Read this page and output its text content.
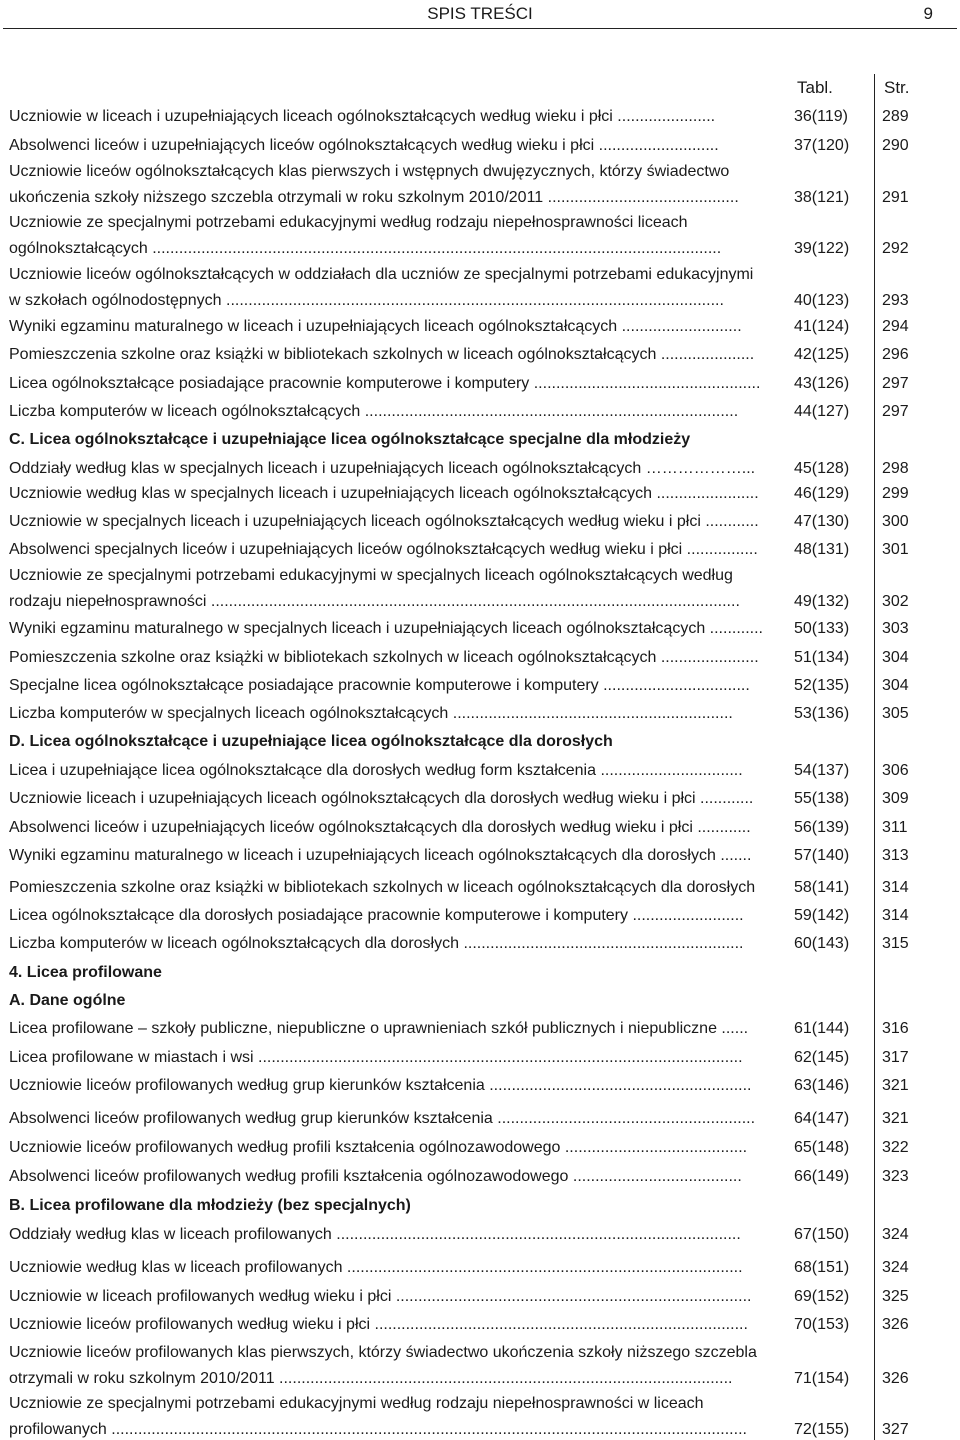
SPIS TREŚCI	9
Tabl.	Str.
Uczniowie w liceach i uzupełniających liceach ogólnokształcących według wieku i płci ......................	36(119) 289
Absolwenci liceów i uzupełniających liceów ogólnokształcących według wieku i płci ...........................	37(120) 290
Uczniowie liceów ogólnokształcących klas pierwszych i wstępnych dwujęzycznych, którzy świadectwo
ukończenia szkoły niższego szczebla otrzymali w roku szkolnym 2010/2011 ...........................................	38(121) 291
Uczniowie ze specjalnymi potrzebami edukacyjnymi według rodzaju niepełnosprawności liceach
ogólnokształcących ................................................................................................................................	39(122) 292
Uczniowie liceów ogólnokształcących w oddziałach dla uczniów ze specjalnymi potrzebami edukacyjnymi
w szkołach ogólnodostępnych ................................................................................................................	40(123) 293
Wyniki egzaminu maturalnego w liceach i uzupełniających liceach ogólnokształcących ...........................	41(124) 294
Pomieszczenia szkolne oraz książki w bibliotekach szkolnych w liceach ogólnokształcących ..................... 42(125) 296
Licea ogólnokształcące posiadające pracownie komputerowe i komputery ................................................... 43(126) 297
Liczba komputerów w liceach ogólnokształcących ....................................................................................	44(127) 297
C. Licea ogólnokształcące i uzupełniające licea ogólnokształcące specjalne dla młodzieży
Oddziały według klas w specjalnych liceach i uzupełniających liceach ogólnokształcących ………………... 45(128) 298
Uczniowie według klas w specjalnych liceach i uzupełniających liceach ogólnokształcących ....................... 46(129) 299
Uczniowie w specjalnych liceach i uzupełniających liceach ogólnokształcących według wieku i płci ............ 47(130) 300
Absolwenci specjalnych liceów i uzupełniających liceów ogólnokształcących według wieku i płci ................ 48(131) 301
Uczniowie ze specjalnymi potrzebami edukacyjnymi w specjalnych liceach ogólnokształcących według
rodzaju niepełnosprawności .......................................................................................................................	49(132) 302
Wyniki egzaminu maturalnego w specjalnych liceach i uzupełniających liceach ogólnokształcących ............ 50(133) 303
Pomieszczenia szkolne oraz książki w bibliotekach szkolnych w liceach ogólnokształcących ...................... 51(134) 304
Specjalne licea ogólnokształcące posiadające pracownie komputerowe i komputery .................................	52(135) 304
Liczba komputerów w specjalnych liceach ogólnokształcących ...............................................................	53(136) 305
D. Licea ogólnokształcące i uzupełniające licea ogólnokształcące dla dorosłych
Licea i uzupełniające licea ogólnokształcące dla dorosłych według form kształcenia ................................	54(137) 306
Uczniowie liceach i uzupełniających liceach ogólnokształcących dla dorosłych według wieku i płci ............	55(138) 309
Absolwenci liceów i uzupełniających liceów ogólnokształcących dla dorosłych według wieku i płci ............	56(139) 311
Wyniki egzaminu maturalnego w liceach i uzupełniających liceach ogólnokształcących dla dorosłych .......	57(140) 313
Pomieszczenia szkolne oraz książki w bibliotekach szkolnych w liceach ogólnokształcących dla dorosłych 58(141) 314
Licea ogólnokształcące dla dorosłych posiadające pracownie komputerowe i komputery .........................	59(142) 314
Liczba komputerów w liceach ogólnokształcących dla dorosłych ...............................................................	60(143) 315
4. Licea profilowane
A. Dane ogólne
Licea profilowane – szkoły publiczne, niepubliczne o uprawnieniach szkół publicznych i niepubliczne ......	61(144) 316
Licea profilowane w miastach i wsi .............................................................................................................	62(145) 317
Uczniowie liceów profilowanych według grup kierunków kształcenia ...........................................................	63(146) 321
Absolwenci liceów profilowanych według grup kierunków kształcenia .......................................................... 64(147) 321
Uczniowie liceów profilowanych według profili kształcenia ogólnozawodowego .........................................	65(148) 322
Absolwenci liceów profilowanych według profili kształcenia ogólnozawodowego ......................................	66(149) 323
B. Licea profilowane dla młodzieży (bez specjalnych)
Oddziały według klas w liceach profilowanych ...........................................................................................	67(150) 324
Uczniowie według klas w liceach profilowanych .........................................................................................	68(151) 324
Uczniowie w liceach profilowanych według wieku i płci ................................................................................	69(152) 325
Uczniowie liceów profilowanych według wieku i płci ....................................................................................	70(153) 326
Uczniowie liceów profilowanych klas pierwszych, którzy świadectwo ukończenia szkoły niższego szczebla
otrzymali w roku szkolnym 2010/2011 ......................................................................................................	71(154) 326
Uczniowie ze specjalnymi potrzebami edukacyjnymi według rodzaju niepełnosprawności w liceach
profilowanych ...............................................................................................................................................	72(155) 327
